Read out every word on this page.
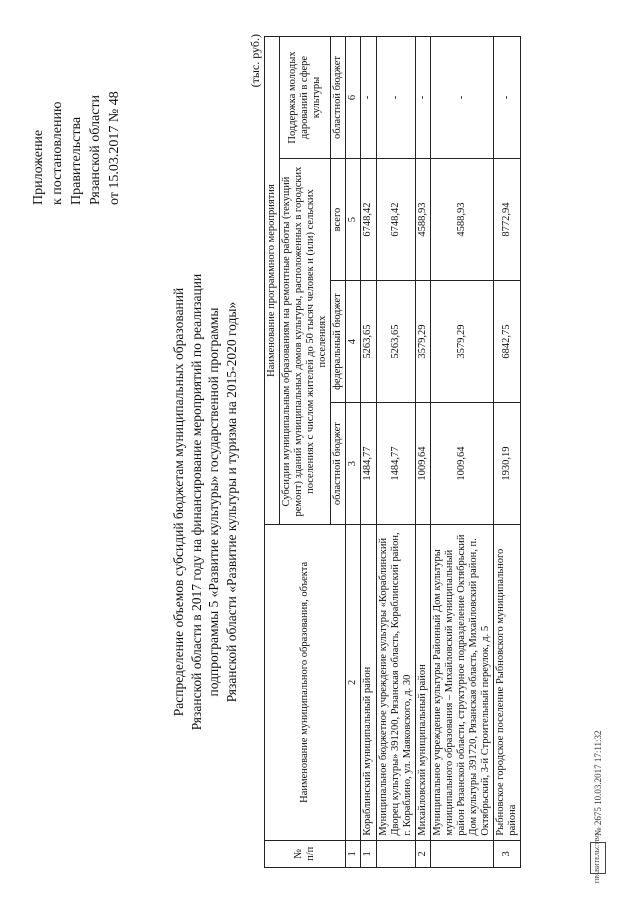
Приложение к постановлению Правительства Рязанской области от 15.03.2017 № 48
Распределение объемов субсидий бюджетам муниципальных образований Рязанской области в 2017 году на финансирование мероприятий по реализации подпрограммы 5 «Развитие культуры» государственной программы Рязанской области «Развитие культуры и туризма на 2015-2020 годы»
(тыс. руб.)
№ п/п	Наименование муниципального образования, объекта	Наименование программного мероприятия			
		Субсидии муниципальным образованиям на ремонтные работы (текущий ремонт) зданий муниципальных домов культуры, расположенных в городских поселениях с числом жителей до 50 тысяч человек и (или) сельских поселениях			Поддержка молодых дарований в сфере культуры
		областной бюджет	федеральный бюджет	всего	областной бюджет
1	2	3	4	5	6
1	Кораблинский муниципальный район	1484,77	5263,65	6748,42	-
	Муниципальное бюджетное учреждение культуры «Кораблинский Дворец культуры» 391200, Рязанская область, Кораблинский район, г. Кораблино, ул. Маяковского, д. 30	1484,77	5263,65	6748,42	-
2	Михайловский муниципальный район	1009,64	3579,29	4588,93	-
	Муниципальное учреждение культуры Районный Дом культуры муниципального образования – Михайловский муниципальный район Рязанской области, структурное подразделение Октябрьский Дом культуры 391720, Рязанская область, Михайловский район, п. Октябрьский, 3-й Строительный переулок, д. 5	1009,64	3579,29	4588,93	-
3	Рыбновское городское поселение Рыбновского муниципального района	1930,19	6842,75	8772,94	-
ПРАВИТЕЛЬСТВО
№ 2675 10.03.2017 17:11:32
